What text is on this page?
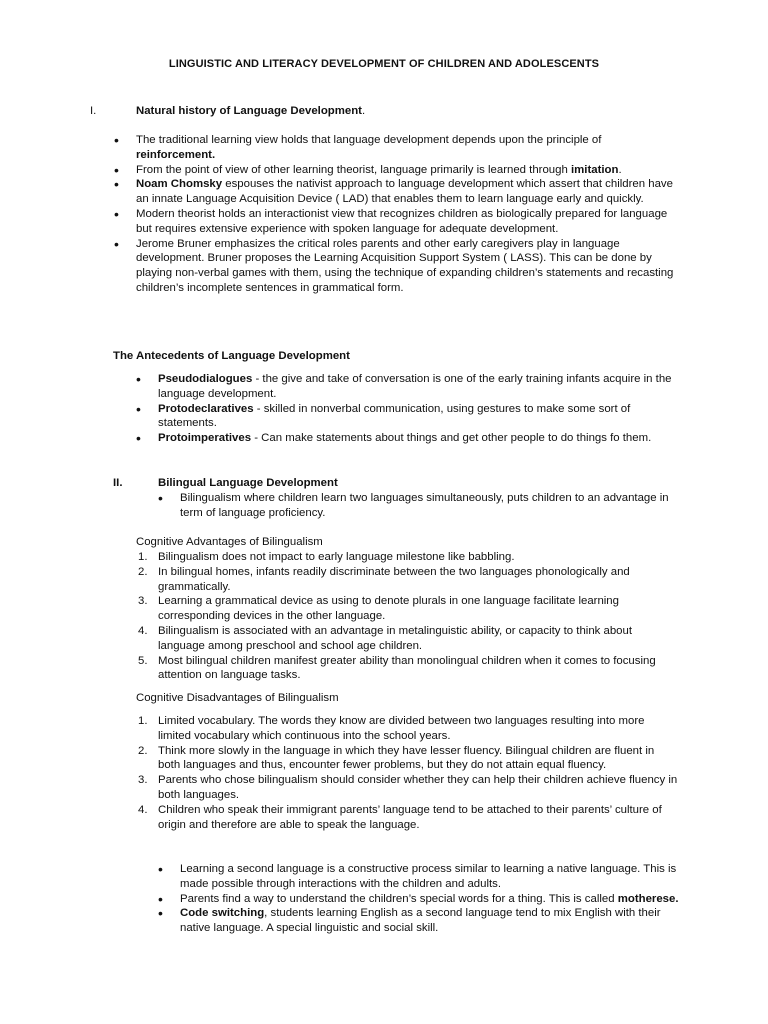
LINGUISTIC AND LITERACY DEVELOPMENT OF CHILDREN AND ADOLESCENTS
I.	Natural history of Language Development.
• The traditional learning view holds that language development depends upon the principle of reinforcement.
• From the point of view of other learning theorist, language primarily is learned through imitation.
• Noam Chomsky espouses the nativist approach to language development which assert that children have an innate Language Acquisition Device ( LAD) that enables them to learn language early and quickly.
• Modern theorist holds an interactionist view that recognizes children as biologically prepared for language but requires extensive experience with spoken language for adequate development.
• Jerome Bruner emphasizes the critical roles parents and other early caregivers play in language development. Bruner proposes the Learning Acquisition Support System ( LASS). This can be done by playing non-verbal games with them, using the technique of expanding children’s statements and recasting children’s incomplete sentences in grammatical form.
The Antecedents of Language Development
• Pseudodialogues - the give and take of conversation is one of the early training infants acquire in the language development.
• Protodeclaratives - skilled in nonverbal communication, using gestures to make some sort of statements.
• Protoimperatives - Can make statements about things and get other people to do things fo them.
II.	Bilingual Language Development
• Bilingualism where children learn two languages simultaneously, puts children to an advantage in term of language proficiency.
Cognitive Advantages of Bilingualism
1. Bilingualism does not impact to early language milestone like babbling.
2. In bilingual homes, infants readily discriminate between the two languages phonologically and grammatically.
3. Learning a grammatical device as using to denote plurals in one language facilitate learning corresponding devices in the other language.
4. Bilingualism is associated with an advantage in metalinguistic ability, or capacity to think about language among preschool and school age children.
5. Most bilingual children manifest greater ability than monolingual children when it comes to focusing attention on language tasks.
Cognitive Disadvantages of Bilingualism
1. Limited vocabulary. The words they know are divided between two languages resulting into more limited vocabulary which continuous into the school years.
2. Think more slowly in the language in which they have lesser fluency. Bilingual children are fluent in both languages and thus, encounter fewer problems, but they do not attain equal fluency.
3. Parents who chose bilingualism should consider whether they can help their children achieve fluency in both languages.
4. Children who speak their immigrant parents’ language tend to be attached to their parents’ culture of origin and therefore are able to speak the language.
• Learning a second language is a constructive process similar to learning a native language. This is made possible through interactions with the children and adults.
• Parents find a way to understand the children’s special words for a thing. This is called motherese.
• Code switching, students learning English as a second language tend to mix English with their native language. A special linguistic and social skill.
